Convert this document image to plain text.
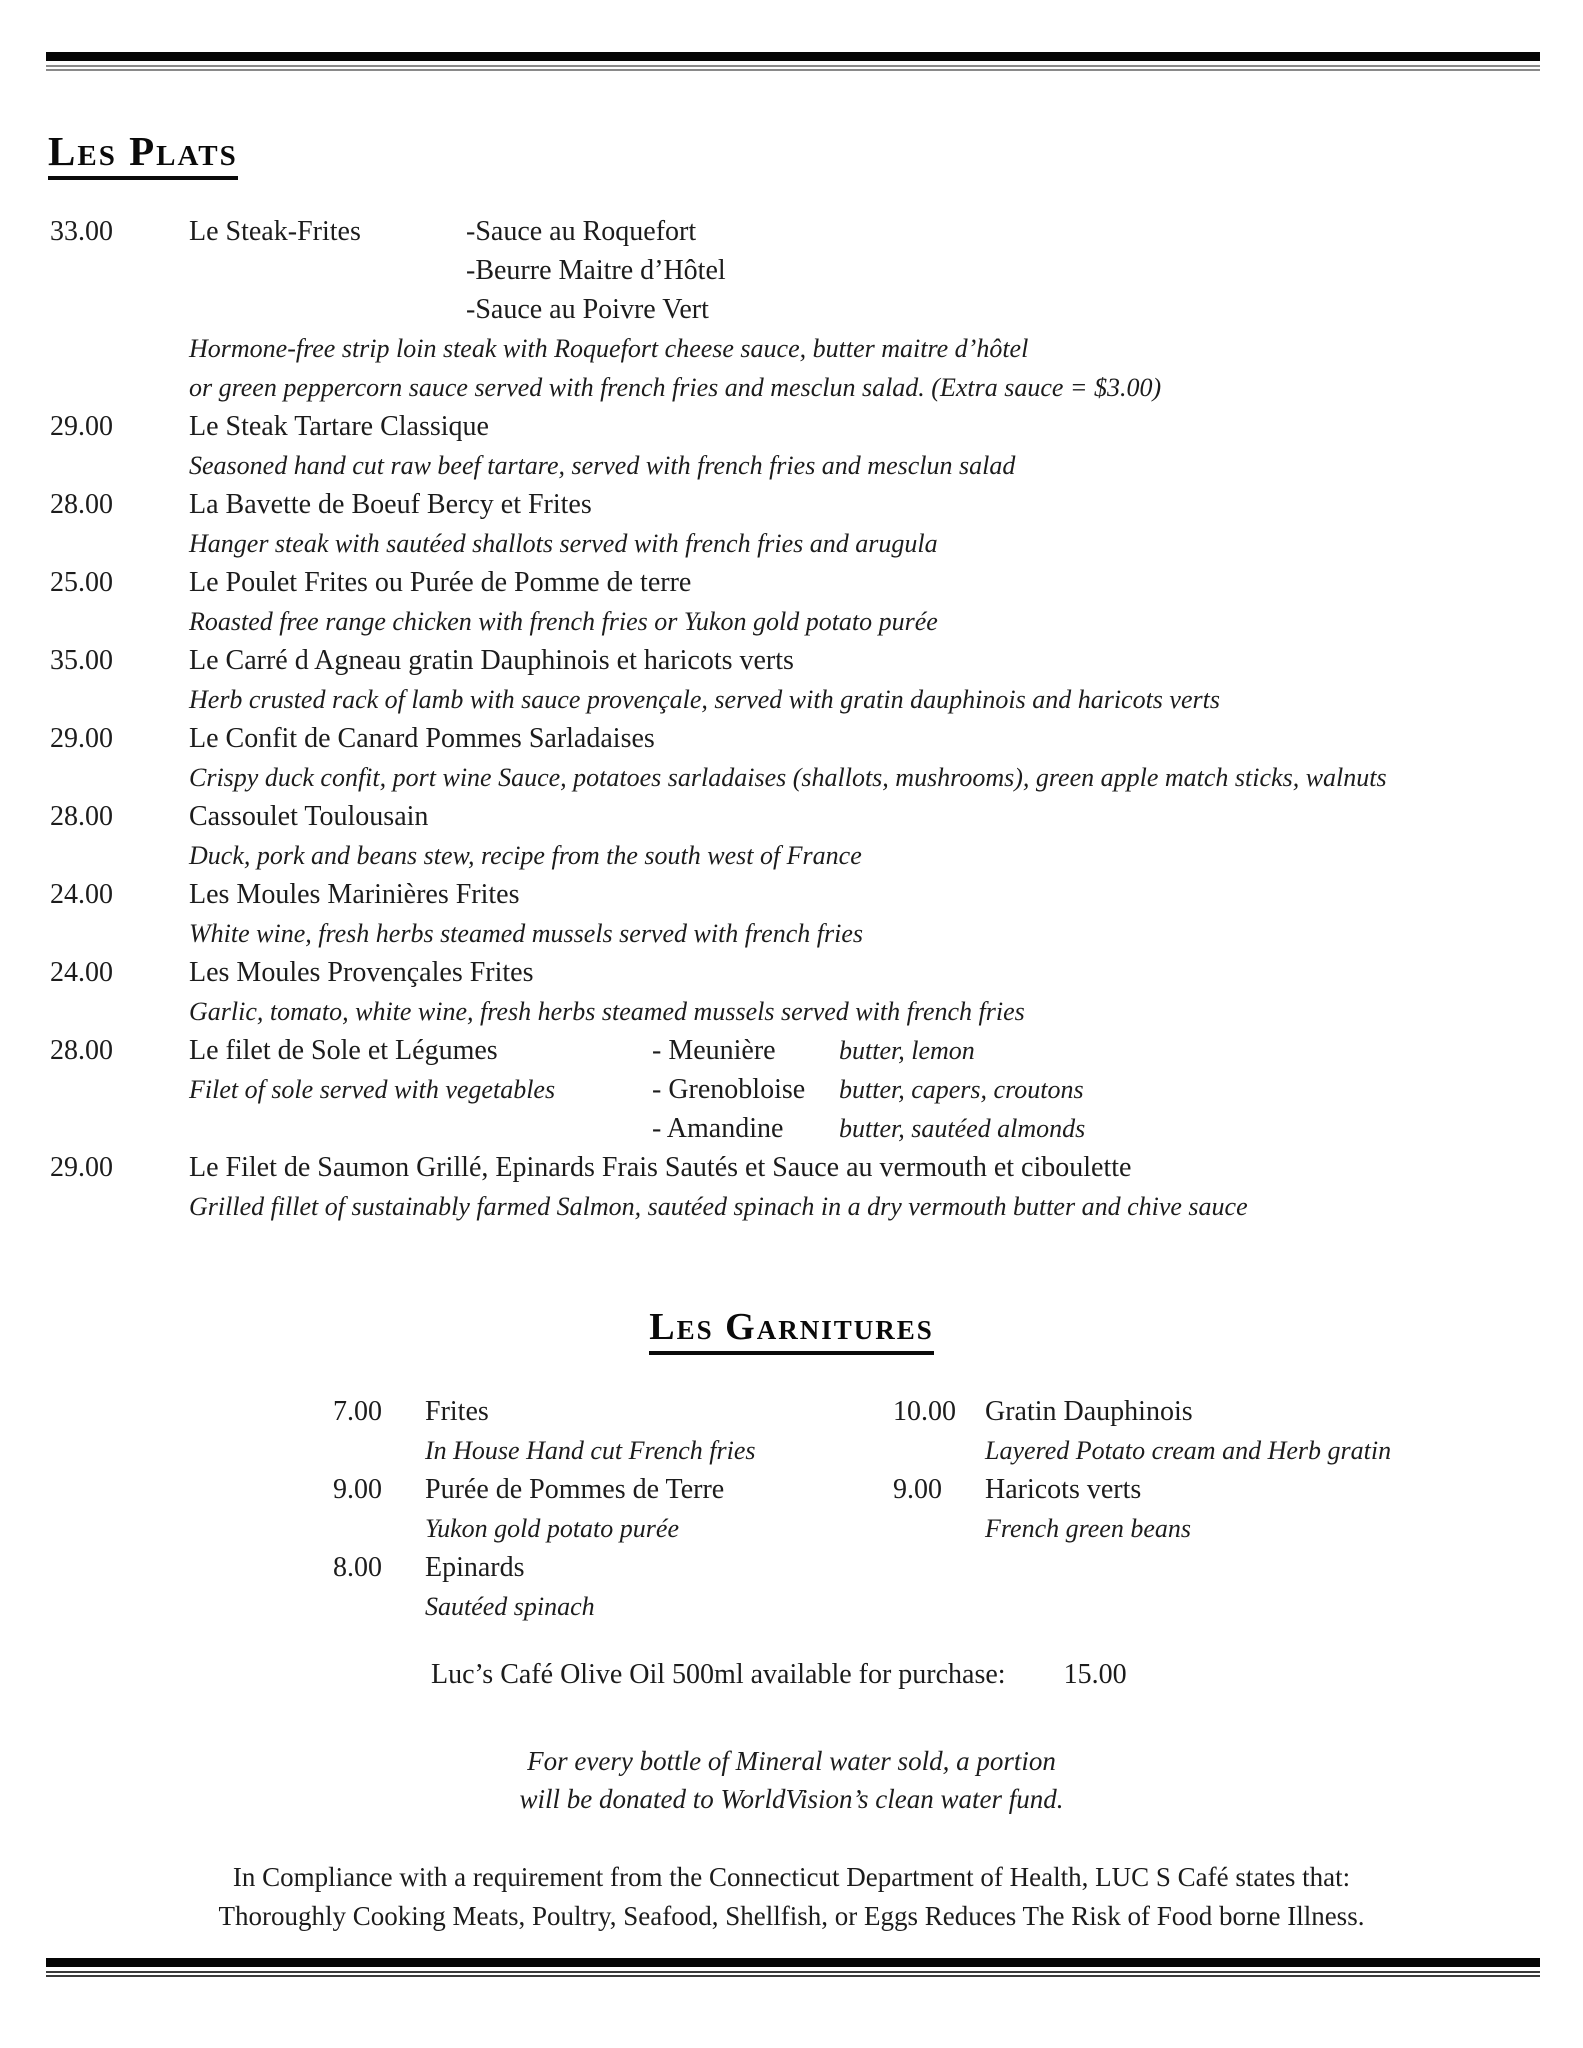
Les Plats
33.00	Le Steak-Frites	-Sauce au Roquefort
-Beurre Maitre d’Hôtel
-Sauce au Poivre Vert
Hormone-free strip loin steak with Roquefort cheese sauce, butter maitre d’hôtel
or green peppercorn sauce served with french fries and mesclun salad. (Extra sauce = $3.00)
29.00	Le Steak Tartare Classique
Seasoned hand cut raw beef tartare, served with french fries and mesclun salad
28.00	La Bavette de Boeuf Bercy et Frites
Hanger steak with sautéed shallots served with french fries and arugula
25.00	Le Poulet Frites ou Purée de Pomme de terre
Roasted free range chicken with french fries or Yukon gold potato purée
35.00	Le Carré d Agneau gratin Dauphinois et haricots verts
Herb crusted rack of lamb with sauce provençale, served with gratin dauphinois and haricots verts
29.00	Le Confit de Canard Pommes Sarladaises
Crispy duck confit, port wine Sauce, potatoes sarladaises (shallots, mushrooms), green apple match sticks, walnuts
28.00	Cassoulet Toulousain
Duck, pork and beans stew, recipe from the south west of France
24.00	Les Moules Marinières Frites
White wine, fresh herbs steamed mussels served with french fries
24.00	Les Moules Provençales Frites
Garlic, tomato, white wine, fresh herbs steamed mussels served with french fries
28.00	Le filet de Sole et Légumes	- Meunière	butter, lemon
Filet of sole served with vegetables	- Grenobloise	butter, capers, croutons
- Amandine	butter, sautéed almonds
29.00	Le Filet de Saumon Grillé, Epinards Frais Sautés et Sauce au vermouth et ciboulette
Grilled fillet of sustainably farmed Salmon, sautéed spinach in a dry vermouth butter and chive sauce
Les Garnitures
7.00 Frites
In House Hand cut French fries
9.00 Purée de Pommes de Terre
Yukon gold potato purée
8.00 Epinards
Sautéed spinach
10.00 Gratin Dauphinois
Layered Potato cream and Herb gratin
9.00 Haricots verts
French green beans
Luc’s Café Olive Oil 500ml available for purchase: 15.00
For every bottle of Mineral water sold, a portion
will be donated to WorldVision’s clean water fund.
In Compliance with a requirement from the Connecticut Department of Health, LUC S Café states that:
Thoroughly Cooking Meats, Poultry, Seafood, Shellfish, or Eggs Reduces The Risk of Food borne Illness.
